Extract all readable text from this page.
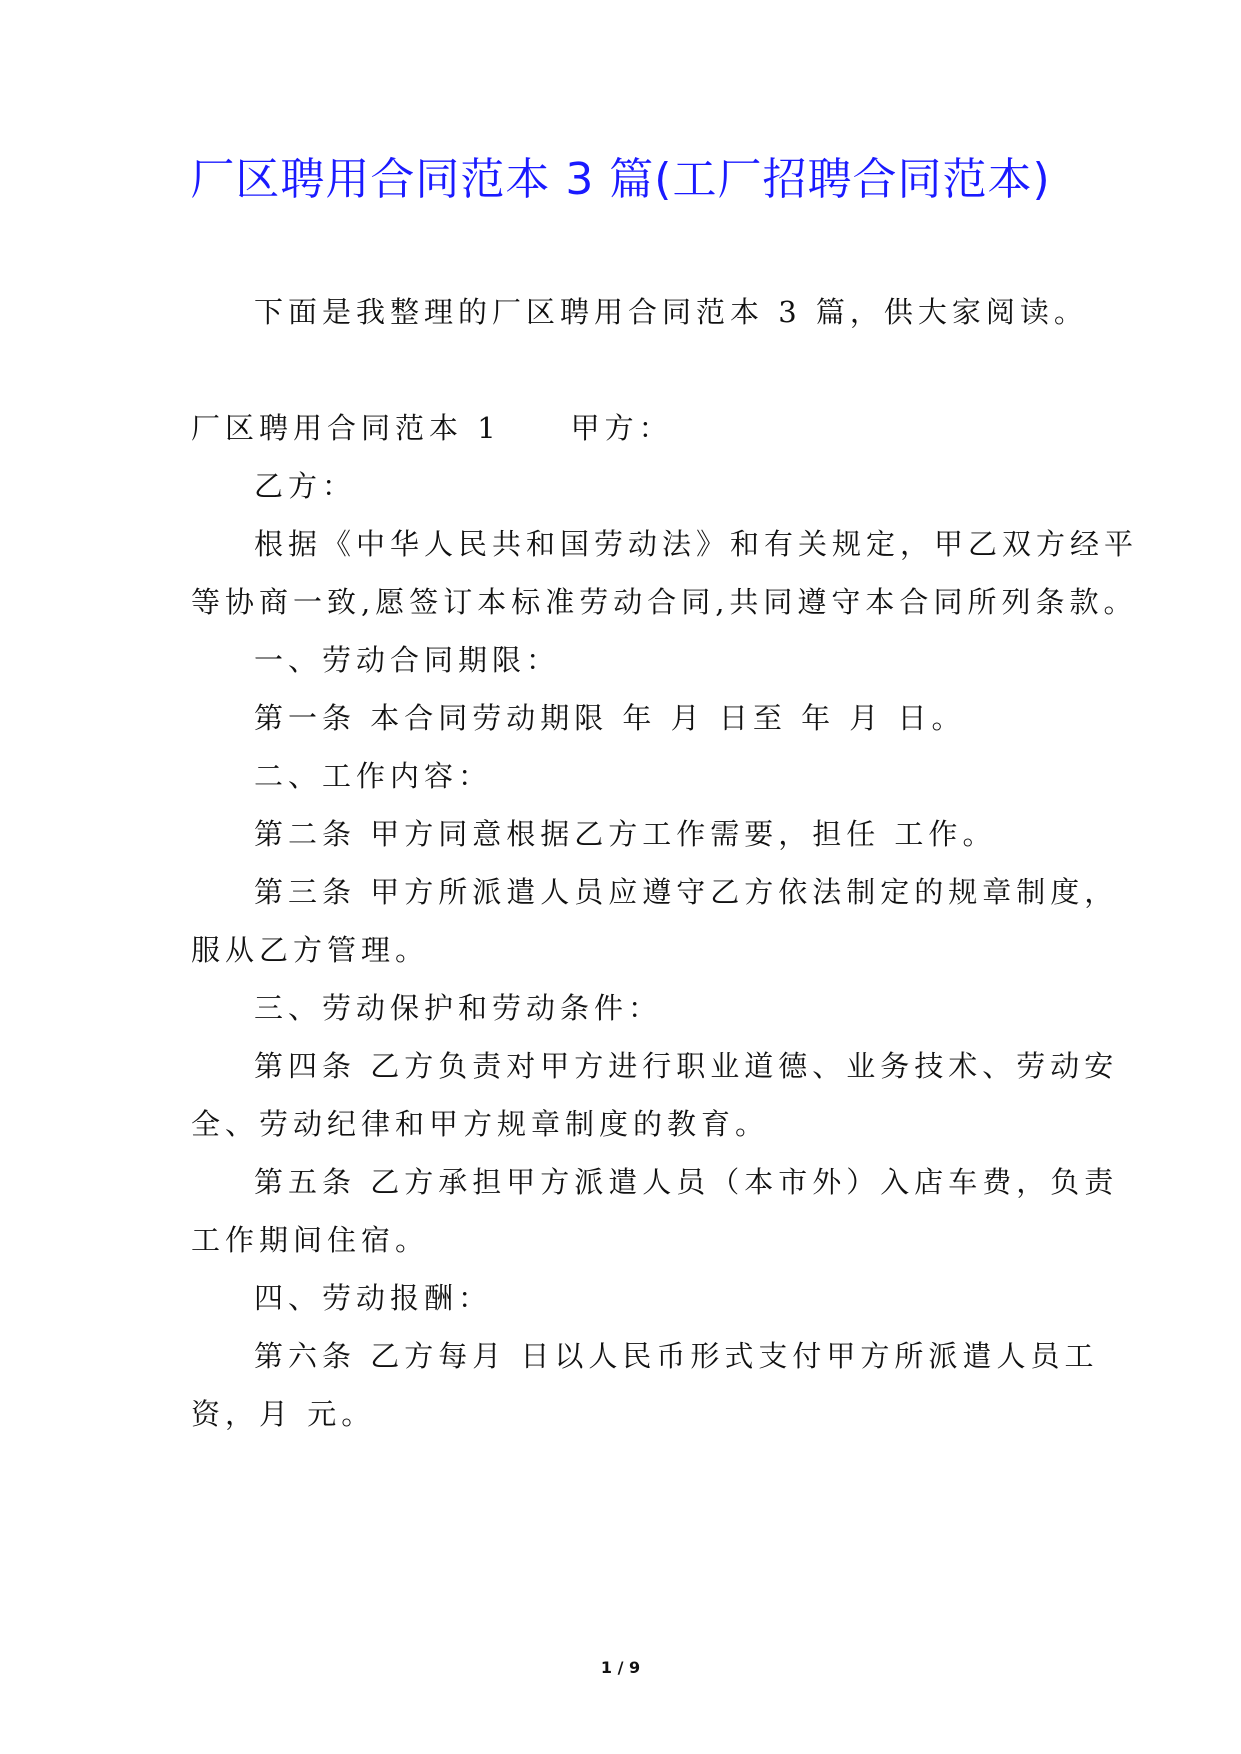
厂区聘用合同范本 3 篇(工厂招聘合同范本)
下面是我整理的厂区聘用合同范本 3 篇，供大家阅读。
厂区聘用合同范本 1 甲方：
乙方：
根据《中华人民共和国劳动法》和有关规定，甲乙双方经平
等协商一致,愿签订本标准劳动合同,共同遵守本合同所列条款。
一、劳动合同期限：
第一条 本合同劳动期限 年 月 日至 年 月 日。
二、工作内容：
第二条 甲方同意根据乙方工作需要，担任 工作。
第三条 甲方所派遣人员应遵守乙方依法制定的规章制度，
服从乙方管理。
三、劳动保护和劳动条件：
第四条 乙方负责对甲方进行职业道德、业务技术、劳动安
全、劳动纪律和甲方规章制度的教育。
第五条 乙方承担甲方派遣人员（本市外）入店车费，负责
工作期间住宿。
四、劳动报酬：
第六条 乙方每月 日以人民币形式支付甲方所派遣人员工
资，月 元。
1 / 9
